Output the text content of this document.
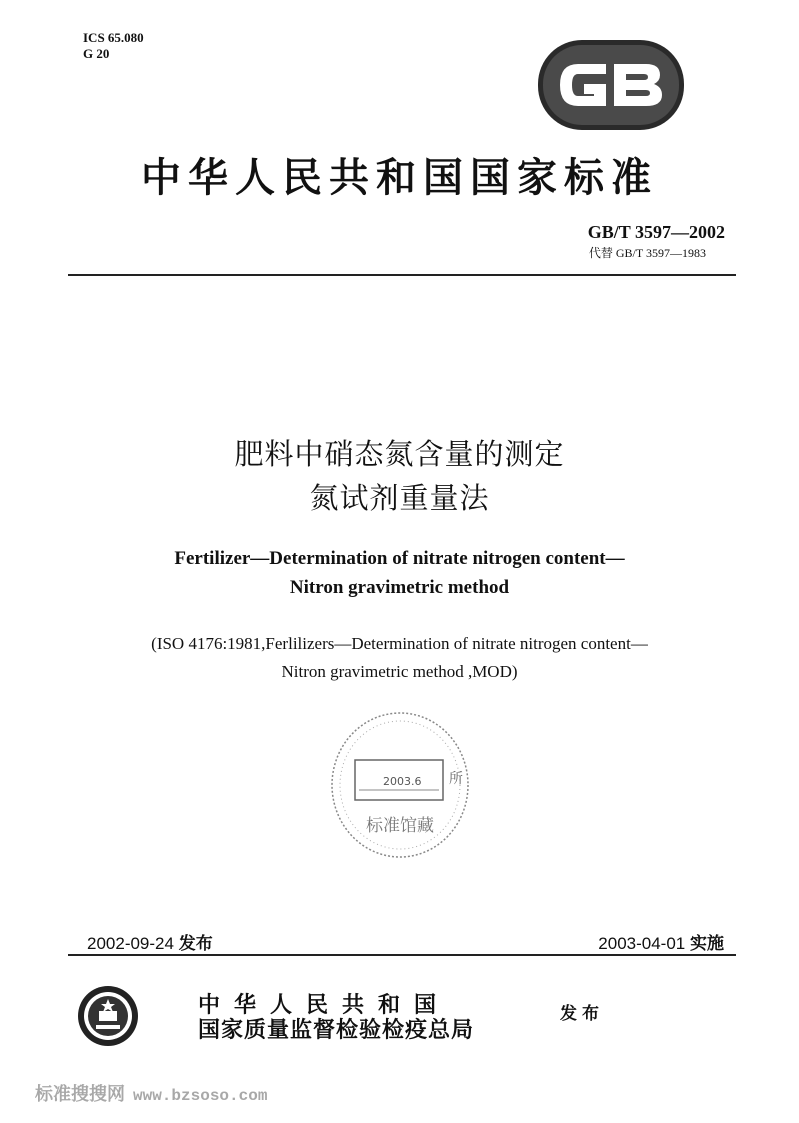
ICS 65.080
G 20
中华人民共和国国家标准
GB/T 3597—2002
代替 GB/T 3597—1983
肥料中硝态氮含量的测定
氮试剂重量法
Fertilizer—Determination of nitrate nitrogen content—
Nitron gravimetric method
(ISO 4176:1981,Ferlilizers—Determination of nitrate nitrogen content—
Nitron gravimetric method ,MOD)
2003.6 所
标准馆藏
2002-09-24 发布	2003-04-01 实施
中华人民共和国
国家质量监督检验检疫总局
发布
标准搜搜网 www.bzsoso.com
